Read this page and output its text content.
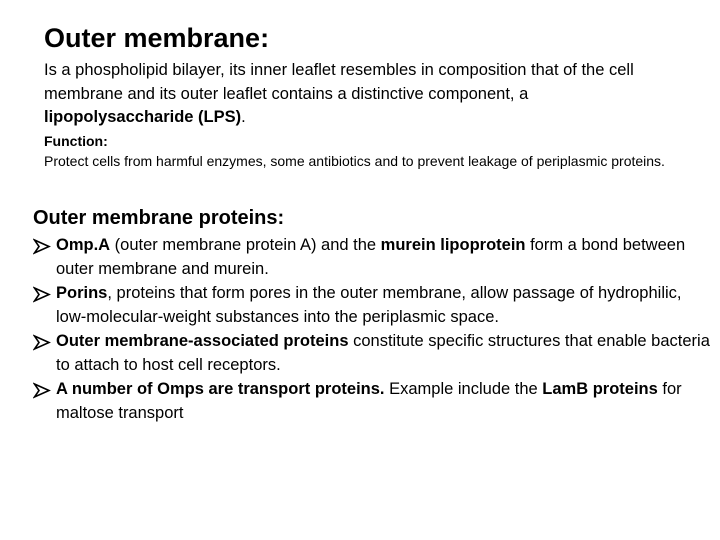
Outer membrane:

Is a phospholipid bilayer, its inner leaflet resembles in composition that of the cell membrane and its outer leaflet contains a distinctive component, a lipopolysaccharide (LPS).

Function:
Protect cells from harmful enzymes, some antibiotics and to prevent leakage of periplasmic proteins.
Outer membrane proteins:
Omp.A (outer membrane protein A) and the murein lipoprotein form a bond between outer membrane and murein.
Porins, proteins that form pores in the outer membrane, allow passage of hydrophilic, low-molecular-weight substances into the periplasmic space.
Outer membrane-associated proteins constitute specific structures that enable bacteria to attach to host cell receptors.
A number of Omps are transport proteins. Example include the LamB proteins for maltose transport
